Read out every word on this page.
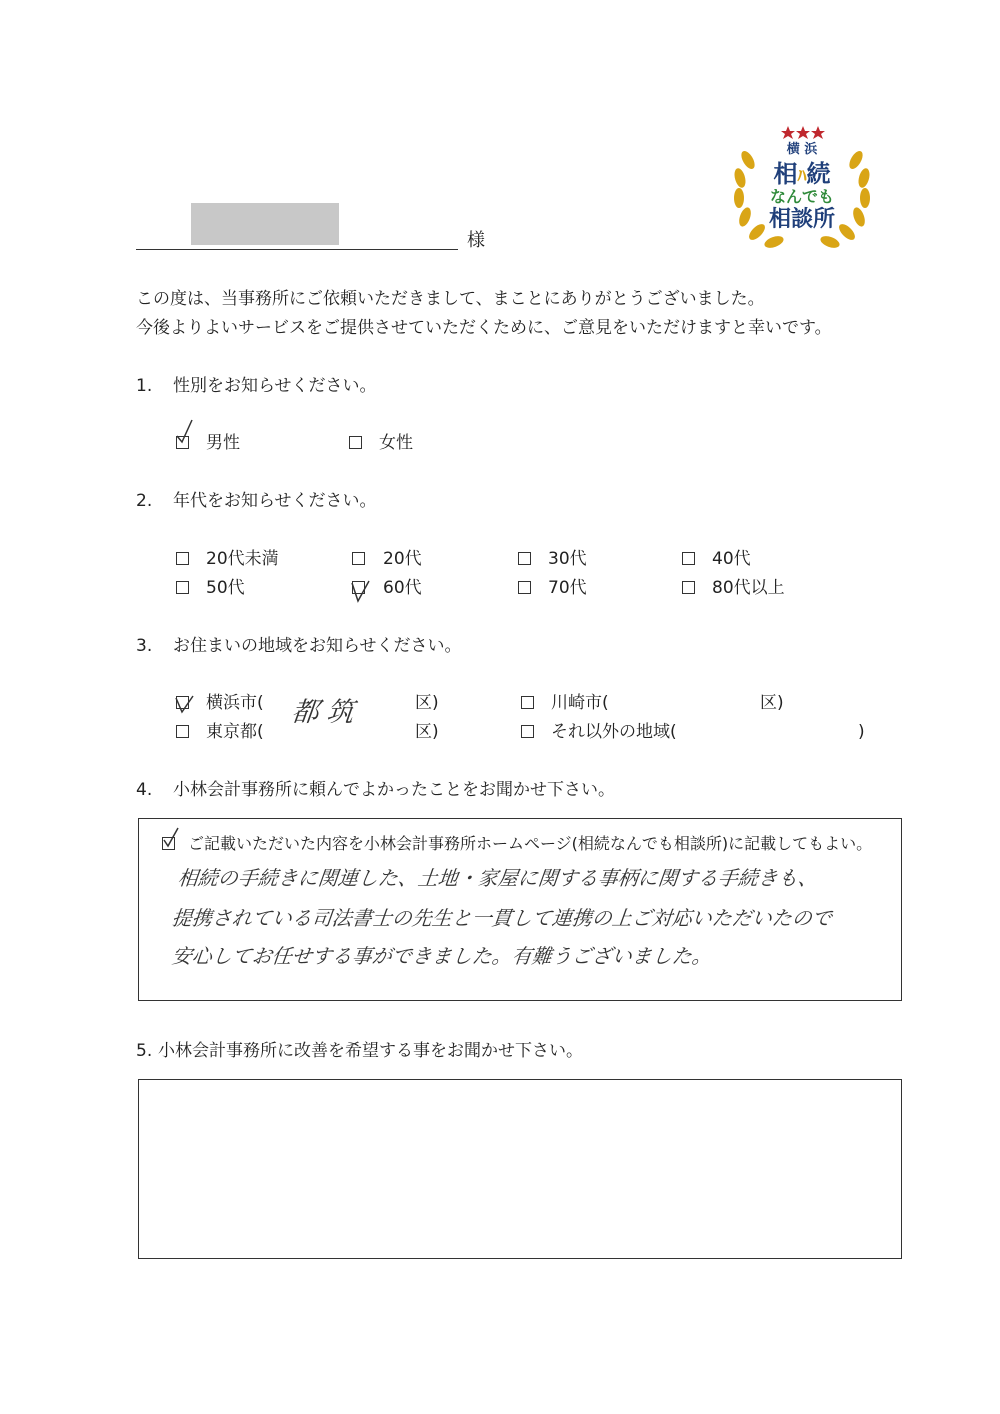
様
横 浜
相ﾊ続
なんでも
相談所
この度は、当事務所にご依頼いただきまして、まことにありがとうございました。
今後よりよいサービスをご提供させていただくために、ご意見をいただけますと幸いです。
1. 性別をお知らせください。
男性	女性
2. 年代をお知らせください。
20代未満	20代	30代	40代
50代	60代	70代	80代以上
3. お住まいの地域をお知らせください。
横浜市( 都筑	区)	川崎市(	区)
東京都(	区)	それ以外の地域(	)
4. 小林会計事務所に頼んでよかったことをお聞かせ下さい。
ご記載いただいた内容を小林会計事務所ホームページ(相続なんでも相談所)に記載してもよい。
相続の手続きに関連した、土地・家屋に関する事柄に関する手続きも、
提携されている司法書士の先生と一貫して連携の上ご対応いただいたので
安心してお任せする事ができました。有難うございました。
5. 小林会計事務所に改善を希望する事をお聞かせ下さい。
